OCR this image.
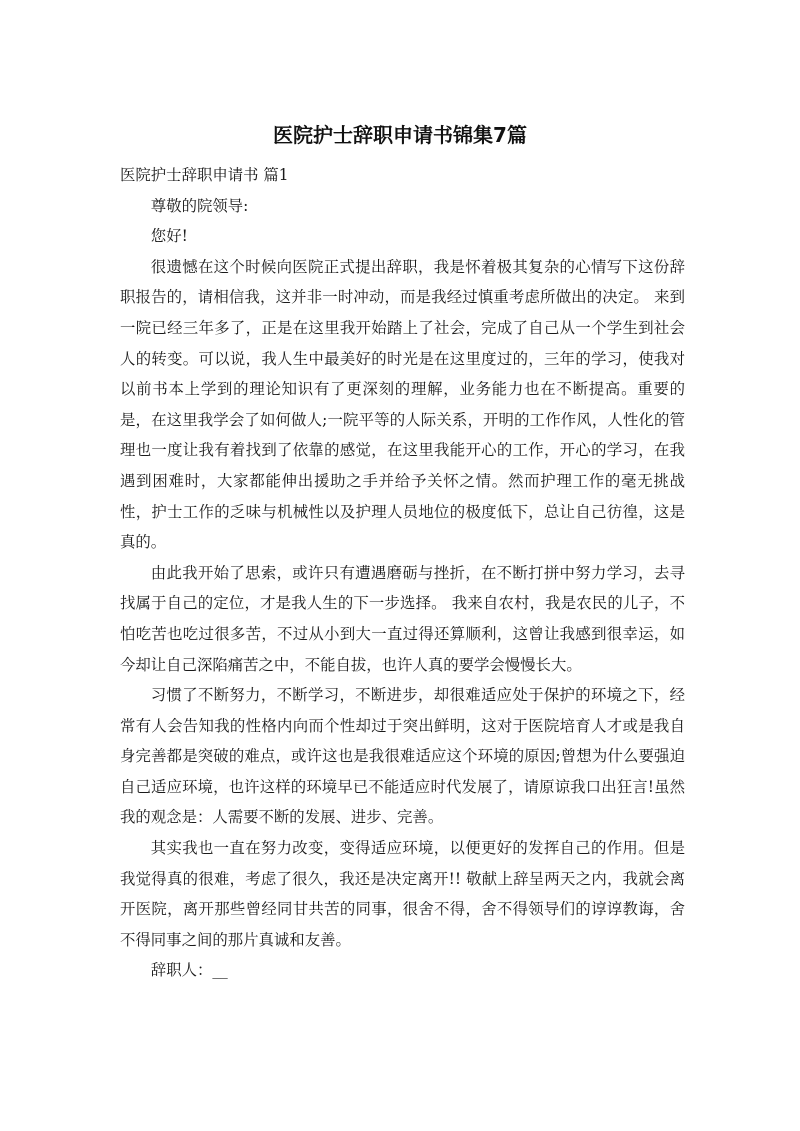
医院护士辞职申请书锦集7篇

医院护士辞职申请书 篇1

尊敬的院领导:

您好!

很遗憾在这个时候向医院正式提出辞职，我是怀着极其复杂的心情写下这份辞职报告的，请相信我，这并非一时冲动，而是我经过慎重考虑所做出的决定。 来到一院已经三年多了，正是在这里我开始踏上了社会，完成了自己从一个学生到社会人的转变。可以说，我人生中最美好的时光是在这里度过的，三年的学习，使我对以前书本上学到的理论知识有了更深刻的理解，业务能力也在不断提高。重要的是，在这里我学会了如何做人;一院平等的人际关系，开明的工作作风，人性化的管理也一度让我有着找到了依靠的感觉，在这里我能开心的工作，开心的学习，在我遇到困难时，大家都能伸出援助之手并给予关怀之情。然而护理工作的毫无挑战性，护士工作的乏味与机械性以及护理人员地位的极度低下，总让自己彷徨，这是真的。

由此我开始了思索，或许只有遭遇磨砺与挫折，在不断打拼中努力学习，去寻找属于自己的定位，才是我人生的下一步选择。 我来自农村，我是农民的儿子，不怕吃苦也吃过很多苦，不过从小到大一直过得还算顺利，这曾让我感到很幸运，如今却让自己深陷痛苦之中，不能自拔，也许人真的要学会慢慢长大。

习惯了不断努力，不断学习，不断进步，却很难适应处于保护的环境之下，经常有人会告知我的性格内向而个性却过于突出鲜明，这对于医院培育人才或是我自身完善都是突破的难点，或许这也是我很难适应这个环境的原因;曾想为什么要强迫自己适应环境，也许这样的环境早已不能适应时代发展了，请原谅我口出狂言!虽然我的观念是：人需要不断的发展、进步、完善。

其实我也一直在努力改变，变得适应环境，以便更好的发挥自己的作用。但是我觉得真的很难，考虑了很久，我还是决定离开!! 敬献上辞呈两天之内，我就会离开医院，离开那些曾经同甘共苦的同事，很舍不得，舍不得领导们的谆谆教诲，舍不得同事之间的那片真诚和友善。

辞职人：__
